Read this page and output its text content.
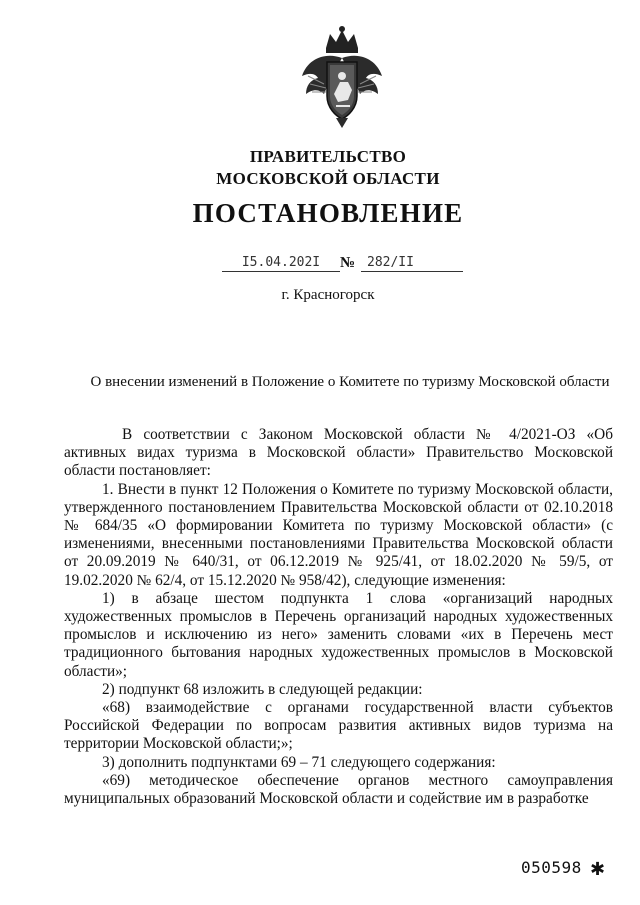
ПРАВИТЕЛЬСТВО
МОСКОВСКОЙ ОБЛАСТИ
ПОСТАНОВЛЕНИЕ
I5.04.202I	№ 282/II
г. Красногорск
О внесении изменений в Положение о Комитете по туризму Московской области

В соответствии с Законом Московской области № 4/2021-ОЗ «Об активных видах туризма в Московской области» Правительство Московской области постановляет:

1. Внести в пункт 12 Положения о Комитете по туризму Московской области, утвержденного постановлением Правительства Московской области от 02.10.2018 № 684/35 «О формировании Комитета по туризму Московской области» (с изменениями, внесенными постановлениями Правительства Московской области от 20.09.2019 № 640/31, от 06.12.2019 № 925/41, от 18.02.2020 № 59/5, от 19.02.2020 № 62/4, от 15.12.2020 № 958/42), следующие изменения:

1) в абзаце шестом подпункта 1 слова «организаций народных художественных промыслов в Перечень организаций народных художественных промыслов и исключению из него» заменить словами «их в Перечень мест традиционного бытования народных художественных промыслов в Московской области»;

2) подпункт 68 изложить в следующей редакции:

«68) взаимодействие с органами государственной власти субъектов Российской Федерации по вопросам развития активных видов туризма на территории Московской области;»;

3) дополнить подпунктами 69 – 71 следующего содержания:

«69) методическое обеспечение органов местного самоуправления муниципальных образований Московской области и содействие им в разработке

050598 ✱
